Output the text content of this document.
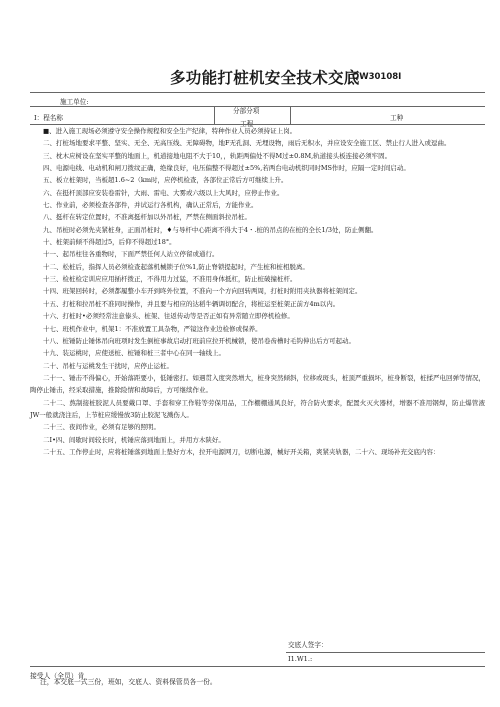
多功能打桩机安全技术交底
QW30108I
施工单位:
I：程名称
分部分项
工程
工种

■、进入施工现场必须遵守安全操作规程和安全生产纪律，特种作业人员必须持证上岗。

二、打桩场地要求平整、坚实、无全、无高压线、无障碍物，地F无孔洞、无埋设物，雨后无积水，并应设安全施工区、禁止行人进入或逗曲。

三、枕木应树设在坚实平整的地面上，机道接地电阻不大于10，，轨距两偏处不得M过±0.8M,轨道接头板连接必须牢固。

四、电源电线、电动机和闸刀拨纹正确，绝缘良好，电压偏整不得超过±5%,若两台电动机织同时MS作时，应隔一定时间启动。

五、板立桩架时，当板超1.6~2（km时，应停机检查，各部位正常后方可继续上升。

六、在挺杆顶部应安装卷雷针，大雨、雷电、大雾或六级以上大风时，应停止作业。

七、作业前，必须检查各部件，并试运行各机构，确认正常后，方能作业。

八、挺杆在转定位置时，不准离挺杆加以外吊桩，严禁在侧面斜拉吊桩。

九、吊桩时必须先夹紧桩身，正面吊桩时，♦与导杆中心距离不得大于4・.桩的吊点的在桩的全长1/3处，防止侧翻。

十、桩架前倾不得超过5，后仰不得超过18°。

十一、起吊柱往各重物时，下面严禁任何人站立停留或通行。

十二、松桩后，指挥人员必须检查起落机械锁子位%1,防止脊锁提起时，产生桩和桩相脱离。

十三、检桩检定训应应用插杆拨正，不得用力过猛，不准用身体抵杠，防止桩破撞桩杆。

十四、班架回转时，必须都履整小车开到咚外位置，不准向一个方向回转两周，打桩时附用夹执器将桩架间定。

十五、打桩和拉吊桩不准同时操作，并且要与相应的达稻牛辆调切配合，将桩运至桩架正前方4m以内。

十六、打桩时•必须经常注意傣头、桩架、往返传动等是否正如有异常随立即停机检修。

十七、班机作业中，机架1：不准放置工具杂物，严镜这作业边检修或保养。

十八、桩锤防止锤体吊向班项时发生倒桩事故启动打班前应拉开机械锁，使吊卷齿槽时毛钩伸出后方可起动。

十九、装运桃时，应使送桩、桩锤和桩三者中心在同一轴线上。

二十、吊桩与运桃发生干扰时，应停止运桩。

二十一、锤击不得偏心，开始落距要小，低锤密打。如遇贯入度突然增大，桩身突然倾斜，位移或斑头，桩顶严重损坏，桩身断裂，桩揉严电回弹等情况，陶停止锤击，经采取措施，推除险情和故障后，方可继续作业。

二十二、熬制接桩胶泥人员要戴口罩、手套和穿工作鞋等劳保用品，工作棚棚通风良好，符合防火要求，配置火灭火器材，增器不准用钢焊，防止爆管液JW一般就浇注后，上节桩应缓慢放3防止胶泥飞溅伤人。

二十三、夜间作业，必须有足够的照明。

二I•四、间歇时间较长时，机锤应落到地面上，并用方木陕好。

二十五、工作停止时，应将桩锤落到地面上垫好方木，拉开电源网刀，切断电源，械好开关箱，爽紧夹轨器，二十六、现场补充交底内容：

交底人签字：
I1.W1.:
接受人（全员）肯
注，本交底一式三份，班如，交底人、资料保管员各一份。
